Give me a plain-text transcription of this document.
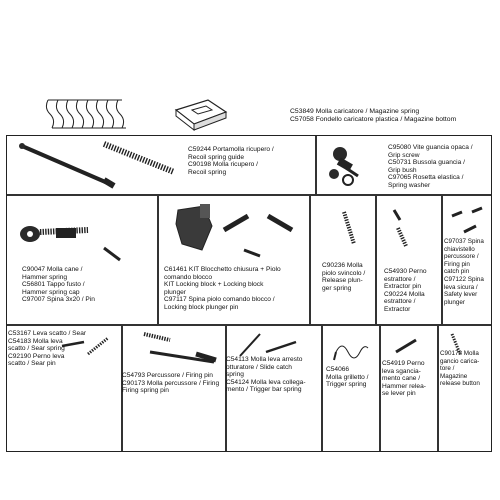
C53849 Molla caricatore / Magazine spring
C57058 Fondello caricatore plastica / Magazine bottom
C59244 Portamolla ricupero /
Recoil spring guide
C90198 Molla ricupero /
Recoil spring
C95080 Vite guancia opaca /
Grip screw
C50731 Bussola guancia /
Grip bush
C97065 Rosetta elastica /
Spring washer
C90047 Molla cane /
Hammer spring
C56801 Tappo fusto /
Hammer spring cap
C97007 Spina 3x20 / Pin
C61461 KIT Blocchetto chiusura + Piolo
comando blocco
KIT Locking block + Locking block
plunger
C97117 Spina piolo comando blocco /
Locking block plunger pin
C90236 Molla
piolo svincolo /
Release plun-
ger spring
C54930 Perno
estrattore /
Extractor pin
C90224 Molla
estrattore /
Extractor
C97037 Spina
chiavistello
percussore /
Firing pin
catch pin
C97122 Spina
leva sicura /
Safety lever
plunger
C53167 Leva scatto / Sear
C54183 Molla leva
scatto / Sear spring
C92190 Perno leva
scatto / Sear pin
C54793 Percussore / Firing pin
C90173 Molla percussore / Firing
Firing spring pin
C54113 Molla leva arresto
otturatore / Slide catch
spring
C54124 Molla leva collega-
mento / Trigger bar spring
C54066
Molla grilletto /
Trigger spring
C54919 Perno
leva sgancia-
mento cane /
Hammer relea-
se lever pin
C90178 Molla
gancio carica-
tore /
Magazine
release button
